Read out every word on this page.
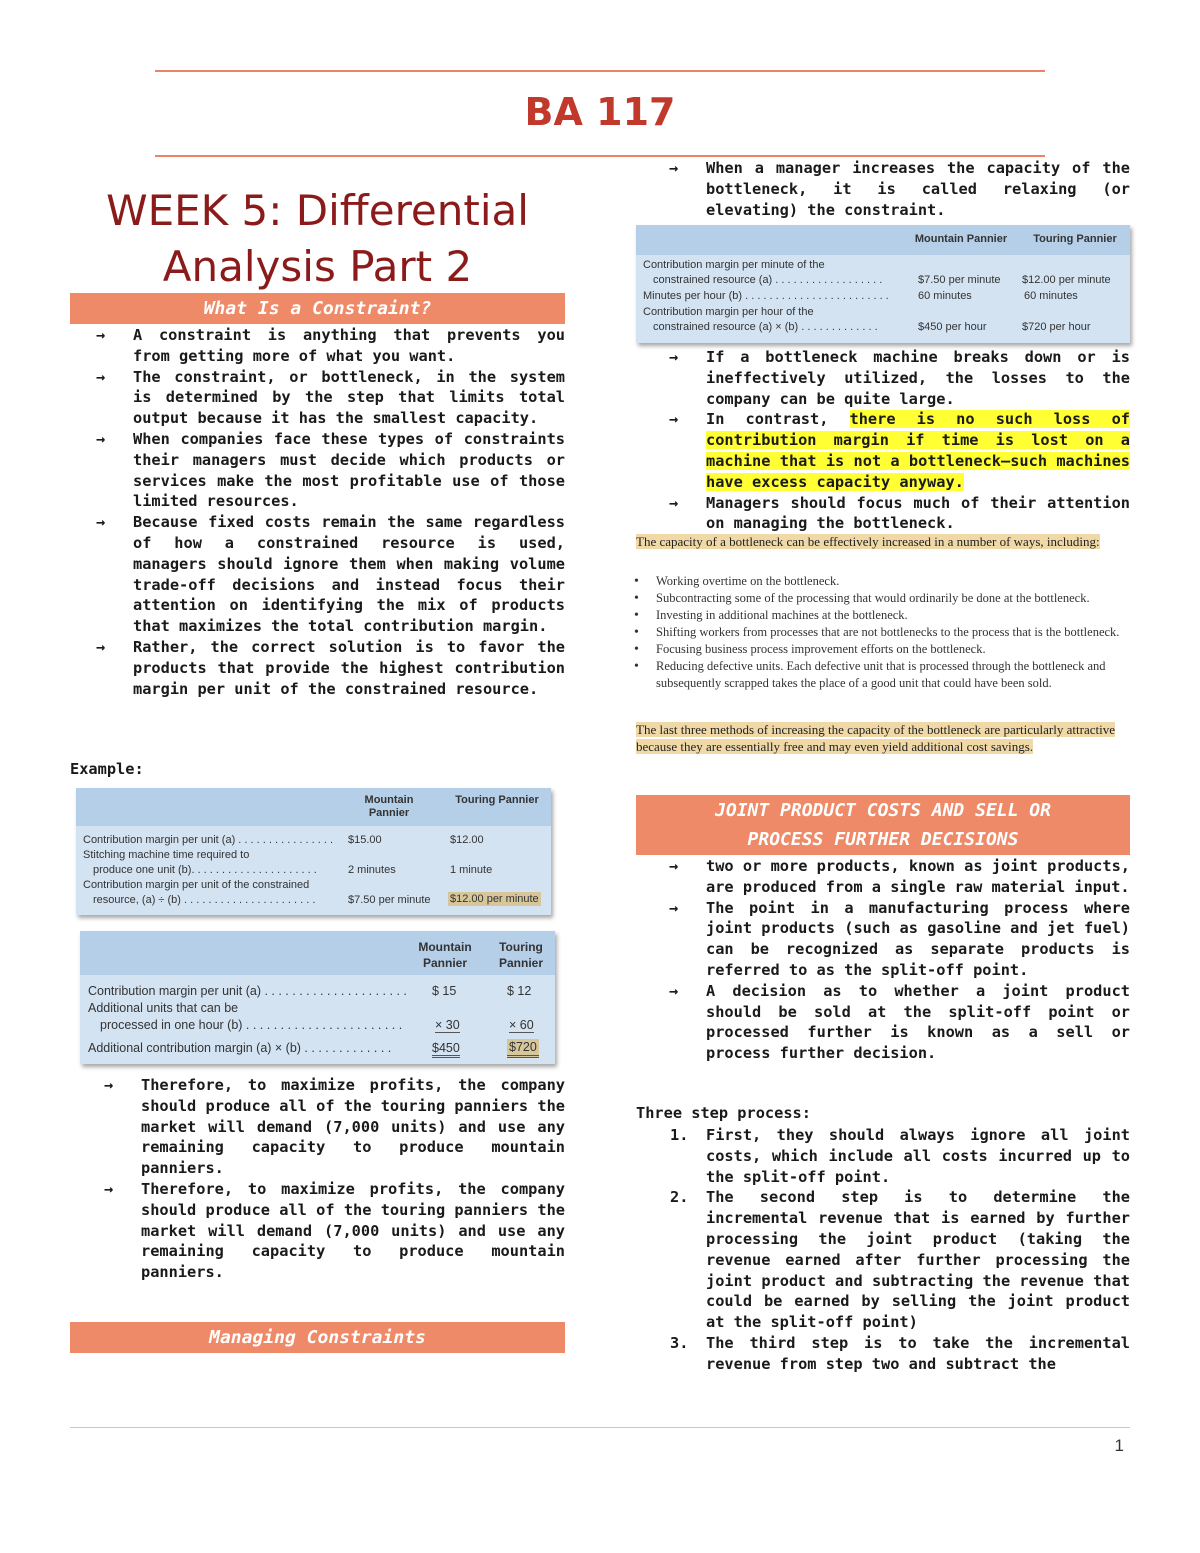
BA 117
WEEK 5: Differential Analysis Part 2
What Is a Constraint?
→ A constraint is anything that prevents you from getting more of what you want.
→ The constraint, or bottleneck, in the system is determined by the step that limits total output because it has the smallest capacity.
→ When companies face these types of constraints their managers must decide which products or services make the most profitable use of those limited resources.
→ Because fixed costs remain the same regardless of how a constrained resource is used, managers should ignore them when making volume trade-off decisions and instead focus their attention on identifying the mix of products that maximizes the total contribution margin.
→ Rather, the correct solution is to favor the products that provide the highest contribution margin per unit of the constrained resource.
Example:
Mountain Pannier
Touring Pannier
Contribution margin per unit (a) . . . . . . . . . . . . . . . . $15.00	$12.00
Stitching machine time required to
produce one unit (b). . . . . . . . . . . . . . . . . . . . .	2 minutes	1 minute
Contribution margin per unit of the constrained
resource, (a) ÷ (b) . . . . . . . . . . . . . . . . . . . . . .	$7.50 per minute $12.00 per minute
Mountain Pannier
Touring Pannier
Contribution margin per unit (a) . . . . . . . . . . . . . . . . . . . . . $ 15	$ 12
Additional units that can be
processed in one hour (b) . . . . . . . . . . . . . . . . . . . . . . .	× 30	× 60
Additional contribution margin (a) × (b) . . . . . . . . . . . . .	$450	$720
→ Therefore, to maximize profits, the company should produce all of the touring panniers the market will demand (7,000 units) and use any remaining capacity to produce mountain panniers.
→ Therefore, to maximize profits, the company should produce all of the touring panniers the market will demand (7,000 units) and use any remaining capacity to produce mountain panniers.
Managing Constraints
→ When a manager increases the capacity of the bottleneck, it is called relaxing (or elevating) the constraint.
Mountain Pannier	Touring Pannier
Contribution margin per minute of the
constrained resource (a) . . . . . . . . . . . . . . . . . .	$7.50 per minute $12.00 per minute
Minutes per hour (b) . . . . . . . . . . . . . . . . . . . . . . . .	60 minutes	60 minutes
Contribution margin per hour of the
constrained resource (a) × (b) . . . . . . . . . . . . .	$450 per hour	$720 per hour
→ If a bottleneck machine breaks down or is ineffectively utilized, the losses to the company can be quite large.
→ In contrast, there is no such loss of contribution margin if time is lost on a machine that is not a bottleneck—such machines have excess capacity anyway.
→ Managers should focus much of their attention on managing the bottleneck.
The capacity of a bottleneck can be effectively increased in a number of ways, including:
• Working overtime on the bottleneck.
• Subcontracting some of the processing that would ordinarily be done at the bottleneck.
• Investing in additional machines at the bottleneck.
• Shifting workers from processes that are not bottlenecks to the process that is the bottleneck.
• Focusing business process improvement efforts on the bottleneck.
• Reducing defective units. Each defective unit that is processed through the bottleneck and subsequently scrapped takes the place of a good unit that could have been sold.
The last three methods of increasing the capacity of the bottleneck are particularly attractive because they are essentially free and may even yield additional cost savings.
JOINT PRODUCT COSTS AND SELL OR
PROCESS FURTHER DECISIONS
→ two or more products, known as joint products, are produced from a single raw material input.
→ The point in a manufacturing process where joint products (such as gasoline and jet fuel) can be recognized as separate products is referred to as the split-off point.
→ A decision as to whether a joint product should be sold at the split-off point or processed further is known as a sell or process further decision.
Three step process:
1. First, they should always ignore all joint costs, which include all costs incurred up to the split-off point.
2. The second step is to determine the incremental revenue that is earned by further processing the joint product (taking the revenue earned after further processing the joint product and subtracting the revenue that could be earned by selling the joint product at the split-off point)
3. The third step is to take the incremental revenue from step two and subtract the
1
